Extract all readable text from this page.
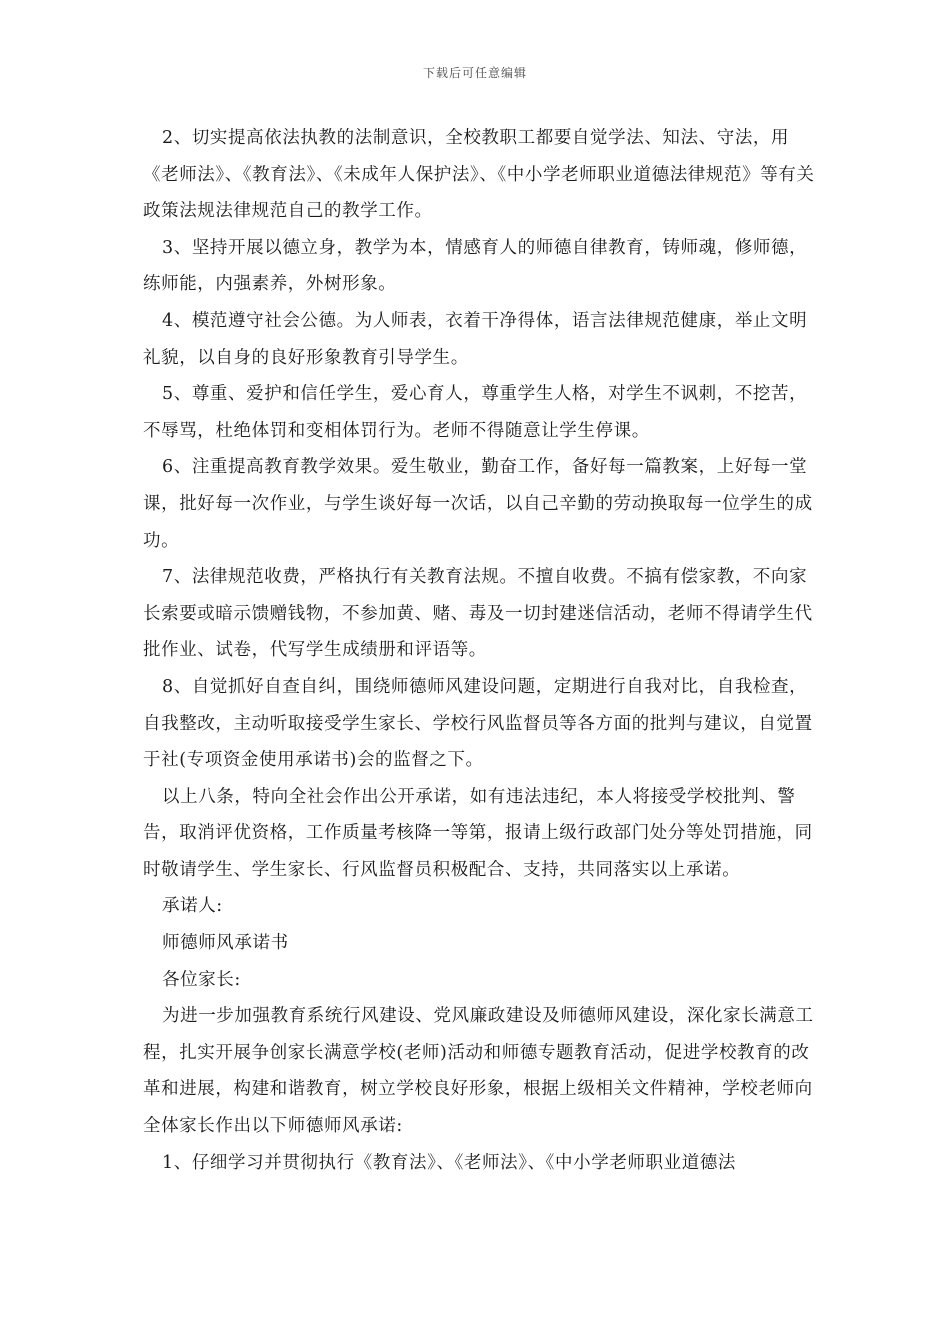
下载后可任意编辑

2、切实提高依法执教的法制意识，全校教职工都要自觉学法、知法、守法，用《老师法》、《教育法》、《未成年人保护法》、《中小学老师职业道德法律规范》等有关政策法规法律规范自己的教学工作。

3、坚持开展以德立身，教学为本，情感育人的师德自律教育，铸师魂，修师德，练师能，内强素养，外树形象。

4、模范遵守社会公德。为人师表，衣着干净得体，语言法律规范健康，举止文明礼貌，以自身的良好形象教育引导学生。

5、尊重、爱护和信任学生，爱心育人，尊重学生人格，对学生不讽刺，不挖苦，不辱骂，杜绝体罚和变相体罚行为。老师不得随意让学生停课。

6、注重提高教育教学效果。爱生敬业，勤奋工作，备好每一篇教案，上好每一堂课，批好每一次作业，与学生谈好每一次话，以自己辛勤的劳动换取每一位学生的成功。

7、法律规范收费，严格执行有关教育法规。不擅自收费。不搞有偿家教，不向家长索要或暗示馈赠钱物，不参加黄、赌、毒及一切封建迷信活动，老师不得请学生代批作业、试卷，代写学生成绩册和评语等。

8、自觉抓好自查自纠，围绕师德师风建设问题，定期进行自我对比，自我检查，自我整改，主动听取接受学生家长、学校行风监督员等各方面的批判与建议，自觉置于社(专项资金使用承诺书)会的监督之下。

以上八条，特向全社会作出公开承诺，如有违法违纪，本人将接受学校批判、警告，取消评优资格，工作质量考核降一等第，报请上级行政部门处分等处罚措施，同时敬请学生、学生家长、行风监督员积极配合、支持，共同落实以上承诺。

承诺人:

师德师风承诺书

各位家长:

为进一步加强教育系统行风建设、党风廉政建设及师德师风建设，深化家长满意工程，扎实开展争创家长满意学校(老师)活动和师德专题教育活动，促进学校教育的改革和进展，构建和谐教育，树立学校良好形象，根据上级相关文件精神，学校老师向全体家长作出以下师德师风承诺:

1、仔细学习并贯彻执行《教育法》、《老师法》、《中小学老师职业道德法
